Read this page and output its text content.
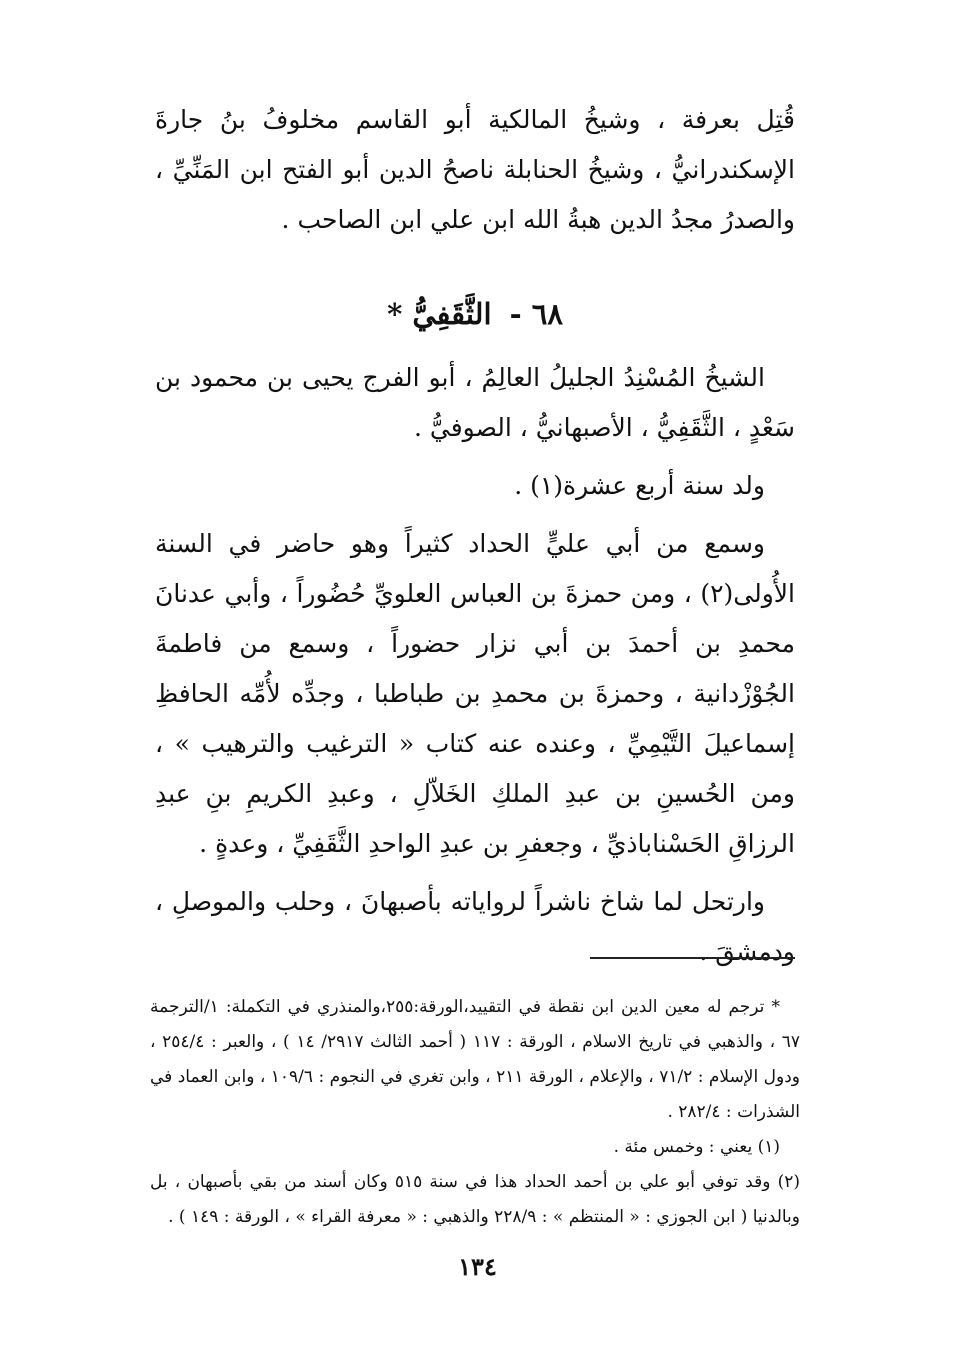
قُتِل بعرفة ، وشيخُ المالكية أبو القاسم مخلوفُ بنُ جارةَ الإسكندرانيُّ ، وشيخُ الحنابلة ناصحُ الدين أبو الفتح ابن المَنِّيِّ ، والصدرُ مجدُ الدين هبةُ الله ابن علي ابن الصاحب .

٦٨ - الثَّقَفِيُّ *

الشيخُ المُسْنِدُ الجليلُ العالِمُ ، أبو الفرج يحيى بن محمود بن سَعْدٍ ، الثَّقَفِيُّ ، الأصبهانيُّ ، الصوفيُّ .

ولد سنة أربع عشرة(١) .

وسمع من أبي عليٍّ الحداد كثيراً وهو حاضر في السنة الأُولى(٢) ، ومن حمزةَ بن العباس العلويِّ حُضُوراً ، وأبي عدنانَ محمدِ بن أحمدَ بن أبي نزار حضوراً ، وسمع من فاطمةَ الجُوْزْدانية ، وحمزةَ بن محمدِ بن طباطبا ، وجدِّه لأُمِّه الحافظِ إسماعيلَ التَّيْمِيِّ ، وعنده عنه كتاب « الترغيب والترهيب » ، ومن الحُسينِ بن عبدِ الملكِ الخَلاّلِ ، وعبدِ الكريمِ بنِ عبدِ الرزاقِ الحَسْناباذيِّ ، وجعفرِ بن عبدِ الواحدِ الثَّقَفِيِّ ، وعدةٍ .

وارتحل لما شاخ ناشراً لرواياته بأصبهانَ ، وحلب والموصلِ ، ودمشقَ .

* ترجم له معين الدين ابن نقطة في التقييد،الورقة:٢٥٥،والمنذري في التكملة: ١/الترجمة ٦٧ ، والذهبي في تاريخ الاسلام ، الورقة : ١١٧ ( أحمد الثالث ٢٩١٧/ ١٤ ) ، والعبر : ٢٥٤/٤ ، ودول الإسلام : ٧١/٢ ، والإعلام ، الورقة ٢١١ ، وابن تغري في النجوم : ١٠٩/٦ ، وابن العماد في الشذرات : ٢٨٢/٤ .

(١) يعني : وخمس مئة .

(٢) وقد توفي أبو علي بن أحمد الحداد هذا في سنة ٥١٥ وكان أسند من بقي بأصبهان ، بل وبالدنيا ( ابن الجوزي : « المنتظم » : ٢٢٨/٩ والذهبي : « معرفة القراء » ، الورقة : ١٤٩ ) .

١٣٤
